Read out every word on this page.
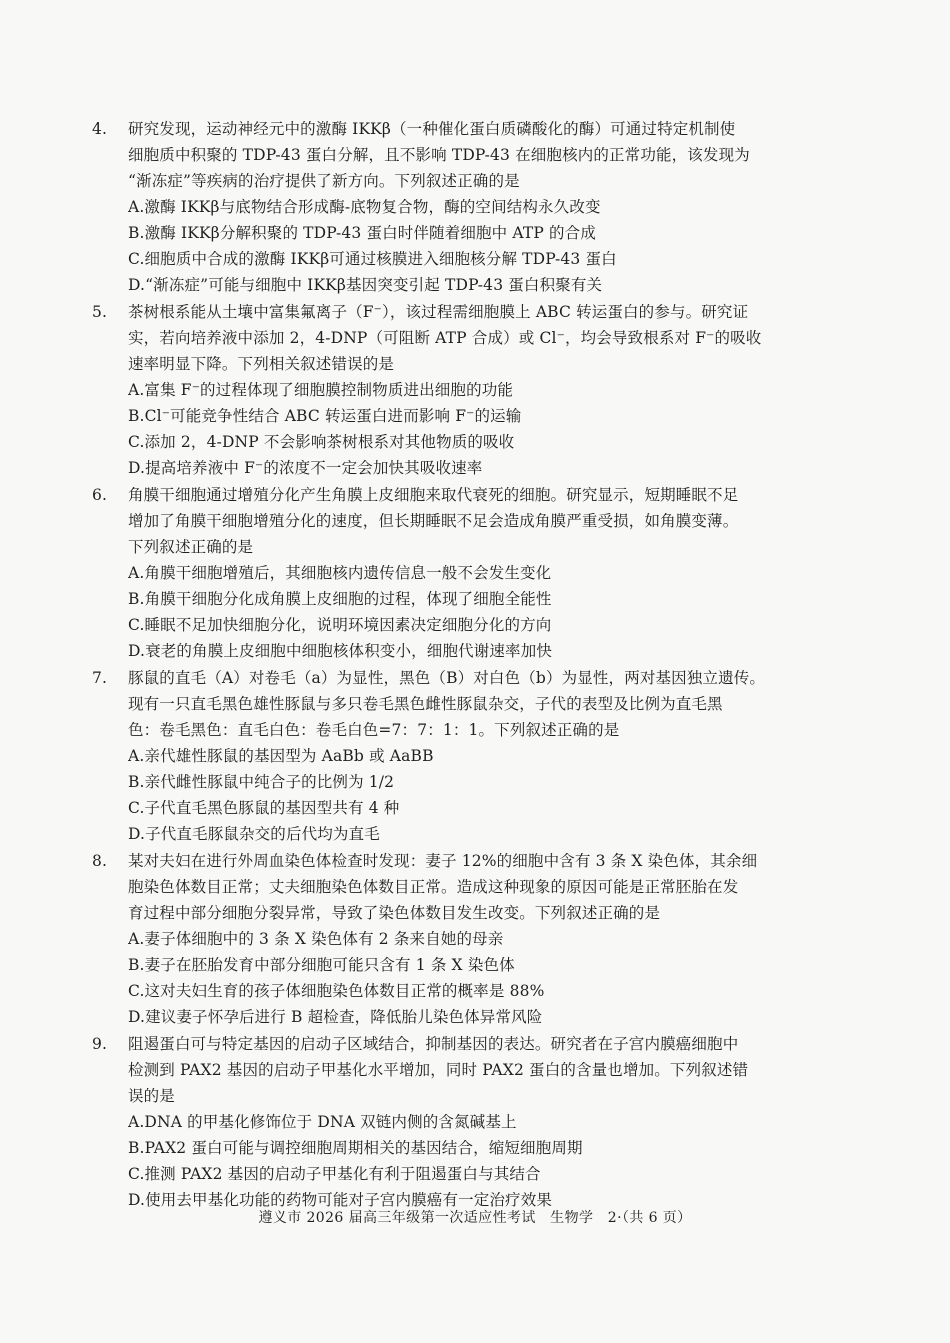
4.	研究发现，运动神经元中的激酶 IKKβ（一种催化蛋白质磷酸化的酶）可通过特定机制使
细胞质中积聚的 TDP-43 蛋白分解，且不影响 TDP-43 在细胞核内的正常功能，该发现为
“渐冻症”等疾病的治疗提供了新方向。下列叙述正确的是
A.激酶 IKKβ与底物结合形成酶-底物复合物，酶的空间结构永久改变
B.激酶 IKKβ分解积聚的 TDP-43 蛋白时伴随着细胞中 ATP 的合成
C.细胞质中合成的激酶 IKKβ可通过核膜进入细胞核分解 TDP-43 蛋白
D.“渐冻症”可能与细胞中 IKKβ基因突变引起 TDP-43 蛋白积聚有关
5.	茶树根系能从土壤中富集氟离子（F⁻），该过程需细胞膜上 ABC 转运蛋白的参与。研究证
实，若向培养液中添加 2，4-DNP（可阻断 ATP 合成）或 Cl⁻，均会导致根系对 F⁻的吸收
速率明显下降。下列相关叙述错误的是
A.富集 F⁻的过程体现了细胞膜控制物质进出细胞的功能
B.Cl⁻可能竞争性结合 ABC 转运蛋白进而影响 F⁻的运输
C.添加 2，4-DNP 不会影响茶树根系对其他物质的吸收
D.提高培养液中 F⁻的浓度不一定会加快其吸收速率
6.	角膜干细胞通过增殖分化产生角膜上皮细胞来取代衰死的细胞。研究显示，短期睡眠不足
增加了角膜干细胞增殖分化的速度，但长期睡眠不足会造成角膜严重受损，如角膜变薄。
下列叙述正确的是
A.角膜干细胞增殖后，其细胞核内遗传信息一般不会发生变化
B.角膜干细胞分化成角膜上皮细胞的过程，体现了细胞全能性
C.睡眠不足加快细胞分化，说明环境因素决定细胞分化的方向
D.衰老的角膜上皮细胞中细胞核体积变小，细胞代谢速率加快
7.	豚鼠的直毛（A）对卷毛（a）为显性，黑色（B）对白色（b）为显性，两对基因独立遗传。
现有一只直毛黑色雄性豚鼠与多只卷毛黑色雌性豚鼠杂交，子代的表型及比例为直毛黑
色：卷毛黑色：直毛白色：卷毛白色=7：7：1：1。下列叙述正确的是
A.亲代雄性豚鼠的基因型为 AaBb 或 AaBB
B.亲代雌性豚鼠中纯合子的比例为 1/2
C.子代直毛黑色豚鼠的基因型共有 4 种
D.子代直毛豚鼠杂交的后代均为直毛
8.	某对夫妇在进行外周血染色体检查时发现：妻子 12%的细胞中含有 3 条 X 染色体，其余细
胞染色体数目正常；丈夫细胞染色体数目正常。造成这种现象的原因可能是正常胚胎在发
育过程中部分细胞分裂异常，导致了染色体数目发生改变。下列叙述正确的是
A.妻子体细胞中的 3 条 X 染色体有 2 条来自她的母亲
B.妻子在胚胎发育中部分细胞可能只含有 1 条 X 染色体
C.这对夫妇生育的孩子体细胞染色体数目正常的概率是 88%
D.建议妻子怀孕后进行 B 超检查，降低胎儿染色体异常风险
9.	阻遏蛋白可与特定基因的启动子区域结合，抑制基因的表达。研究者在子宫内膜癌细胞中
检测到 PAX2 基因的启动子甲基化水平增加，同时 PAX2 蛋白的含量也增加。下列叙述错
误的是
A.DNA 的甲基化修饰位于 DNA 双链内侧的含氮碱基上
B.PAX2 蛋白可能与调控细胞周期相关的基因结合，缩短细胞周期
C.推测 PAX2 基因的启动子甲基化有利于阻遏蛋白与其结合
D.使用去甲基化功能的药物可能对子宫内膜癌有一定治疗效果
遵义市 2026 届高三年级第一次适应性考试　生物学　2·（共 6 页）
